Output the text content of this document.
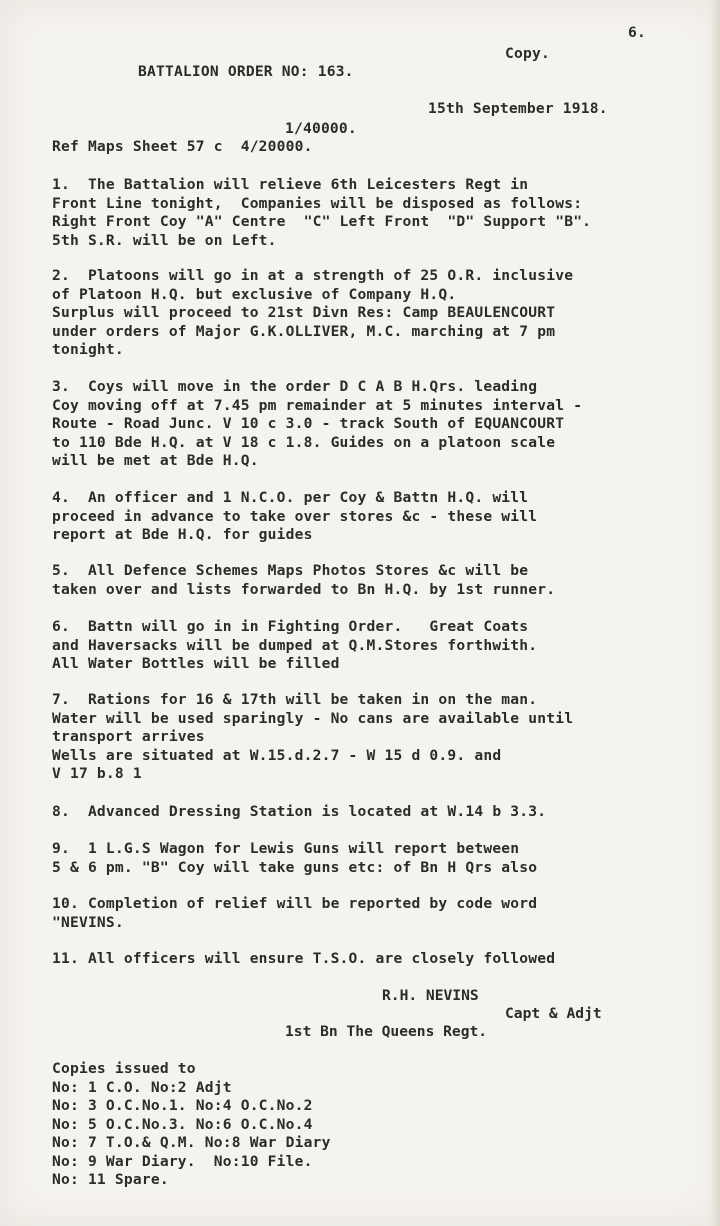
6.
Copy.
BATTALION ORDER NO: 163.
15th September 1918.
1/40000.
Ref Maps Sheet 57 c  4/20000.
1.  The Battalion will relieve 6th Leicesters Regt in
Front Line tonight,  Companies will be disposed as follows:
Right Front Coy "A" Centre  "C" Left Front  "D" Support "B".
5th S.R. will be on Left.
2.  Platoons will go in at a strength of 25 O.R. inclusive
of Platoon H.Q. but exclusive of Company H.Q.
Surplus will proceed to 21st Divn Res: Camp BEAULENCOURT
under orders of Major G.K.OLLIVER, M.C. marching at 7 pm
tonight.
3.  Coys will move in the order D C A B H.Qrs. leading
Coy moving off at 7.45 pm remainder at 5 minutes interval -
Route - Road Junc. V 10 c 3.0 - track South of EQUANCOURT
to 110 Bde H.Q. at V 18 c 1.8. Guides on a platoon scale
will be met at Bde H.Q.
4.  An officer and 1 N.C.O. per Coy & Battn H.Q. will
proceed in advance to take over stores &c - these will
report at Bde H.Q. for guides
5.  All Defence Schemes Maps Photos Stores &c will be
taken over and lists forwarded to Bn H.Q. by 1st runner.
6.  Battn will go in in Fighting Order.   Great Coats
and Haversacks will be dumped at Q.M.Stores forthwith.
All Water Bottles will be filled
7.  Rations for 16 & 17th will be taken in on the man.
Water will be used sparingly - No cans are available until
transport arrives
Wells are situated at W.15.d.2.7 - W 15 d 0.9. and
V 17 b.8 1
8.  Advanced Dressing Station is located at W.14 b 3.3.
9.  1 L.G.S Wagon for Lewis Guns will report between
5 & 6 pm. "B" Coy will take guns etc: of Bn H Qrs also
10. Completion of relief will be reported by code word
"NEVINS.
11. All officers will ensure T.S.O. are closely followed
R.H. NEVINS
Capt & Adjt
1st Bn The Queens Regt.
Copies issued to
No: 1 C.O. No:2 Adjt
No: 3 O.C.No.1. No:4 O.C.No.2
No: 5 O.C.No.3. No:6 O.C.No.4
No: 7 T.O.& Q.M. No:8 War Diary
No: 9 War Diary.  No:10 File.
No: 11 Spare.
